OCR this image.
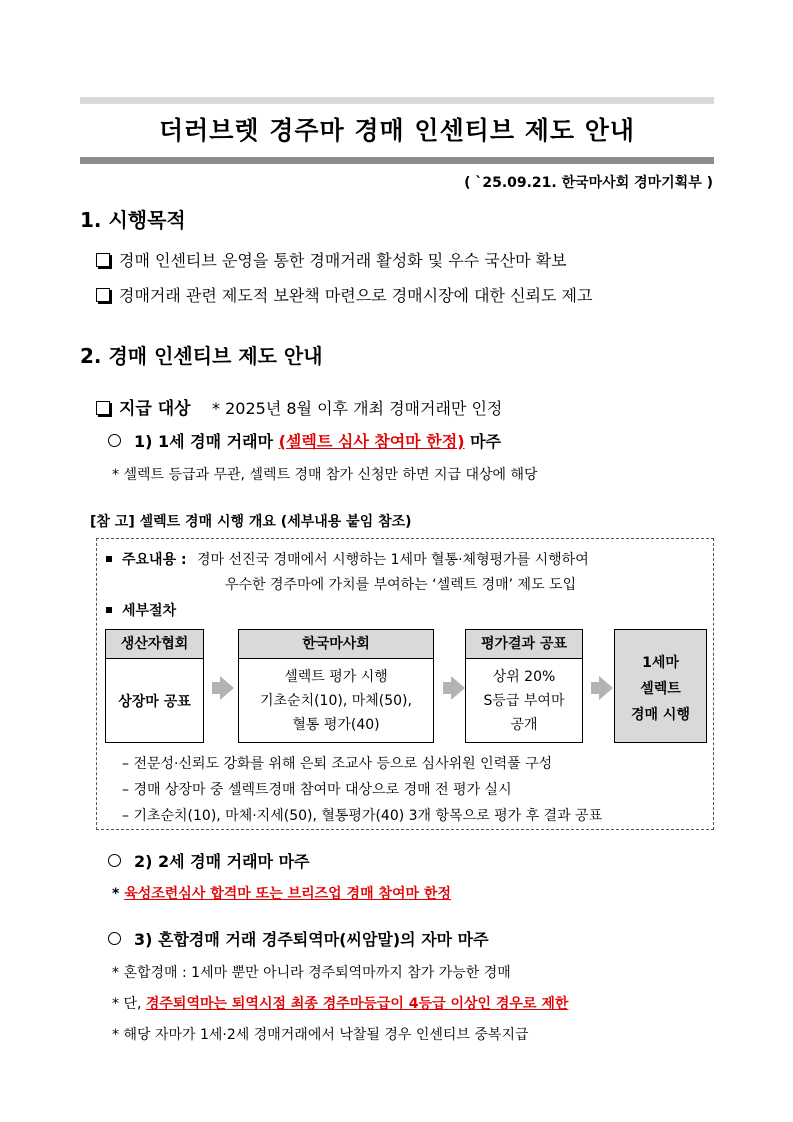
더러브렛 경주마 경매 인센티브 제도 안내
( `25.09.21. 한국마사회 경마기획부 )
1. 시행목적
경매 인센티브 운영을 통한 경매거래 활성화 및 우수 국산마 확보
경매거래 관련 제도적 보완책 마련으로 경매시장에 대한 신뢰도 제고
2. 경매 인센티브 제도 안내
지급 대상 * 2025년 8월 이후 개최 경매거래만 인정
1) 1세 경매 거래마 (셀렉트 심사 참여마 한정) 마주
* 셀렉트 등급과 무관, 셀렉트 경매 참가 신청만 하면 지급 대상에 해당
[참 고] 셀렉트 경매 시행 개요 (세부내용 붙임 참조)
주요내용 : 경마 선진국 경매에서 시행하는 1세마 혈통·체형평가를 시행하여
우수한 경주마에 가치를 부여하는 ‘셀렉트 경매’ 제도 도입
세부절차
생산자협회
상장마 공표
한국마사회
셀렉트 평가 시행
기초순치(10), 마체(50),
혈통 평가(40)
평가결과 공표
상위 20%
S등급 부여마
공개
1세마
셀렉트
경매 시행
– 전문성·신뢰도 강화를 위해 은퇴 조교사 등으로 심사위원 인력풀 구성
– 경매 상장마 중 셀렉트경매 참여마 대상으로 경매 전 평가 실시
– 기초순치(10), 마체·지세(50), 혈통평가(40) 3개 항목으로 평가 후 결과 공표
2) 2세 경매 거래마 마주
* 육성조련심사 합격마 또는 브리즈업 경매 참여마 한정
3) 혼합경매 거래 경주퇴역마(씨암말)의 자마 마주
* 혼합경매 : 1세마 뿐만 아니라 경주퇴역마까지 참가 가능한 경매
* 단, 경주퇴역마는 퇴역시점 최종 경주마등급이 4등급 이상인 경우로 제한
* 해당 자마가 1세·2세 경매거래에서 낙찰될 경우 인센티브 중복지급
